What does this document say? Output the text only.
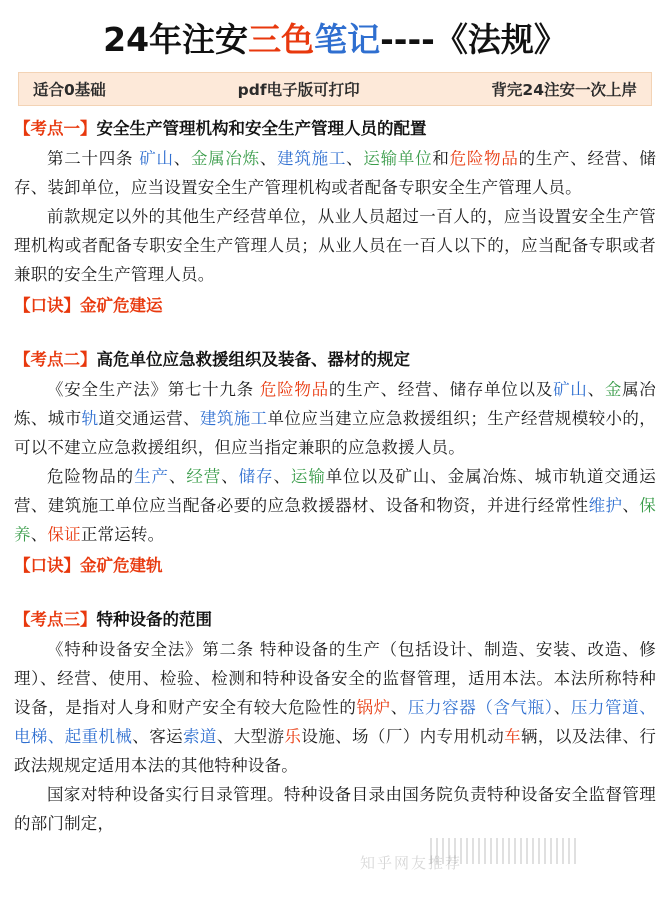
24年注安三色笔记----《法规》
适合0基础	pdf电子版可打印	背完24注安一次上岸
【考点一】安全生产管理机构和安全生产管理人员的配置

第二十四条 矿山、金属冶炼、建筑施工、运输单位和危险物品的生产、经营、储存、装卸单位，应当设置安全生产管理机构或者配备专职安全生产管理人员。

前款规定以外的其他生产经营单位，从业人员超过一百人的，应当设置安全生产管理机构或者配备专职安全生产管理人员；从业人员在一百人以下的，应当配备专职或者兼职的安全生产管理人员。

【口诀】金矿危建运
【考点二】高危单位应急救援组织及装备、器材的规定

《安全生产法》第七十九条 危险物品的生产、经营、储存单位以及矿山、金属冶炼、城市轨道交通运营、建筑施工单位应当建立应急救援组织；生产经营规模较小的，可以不建立应急救援组织，但应当指定兼职的应急救援人员。

危险物品的生产、经营、储存、运输单位以及矿山、金属冶炼、城市轨道交通运营、建筑施工单位应当配备必要的应急救援器材、设备和物资，并进行经常性维护、保养、保证正常运转。

【口诀】金矿危建轨
【考点三】特种设备的范围

《特种设备安全法》第二条 特种设备的生产（包括设计、制造、安装、改造、修理）、经营、使用、检验、检测和特种设备安全的监督管理，适用本法。本法所称特种设备，是指对人身和财产安全有较大危险性的锅炉、压力容器（含气瓶）、压力管道、电梯、起重机械、客运索道、大型游乐设施、场（厂）内专用机动车辆，以及法律、行政法规规定适用本法的其他特种设备。

国家对特种设备实行目录管理。特种设备目录由国务院负责特种设备安全监督管理的部门制定，

知乎网友推荐
